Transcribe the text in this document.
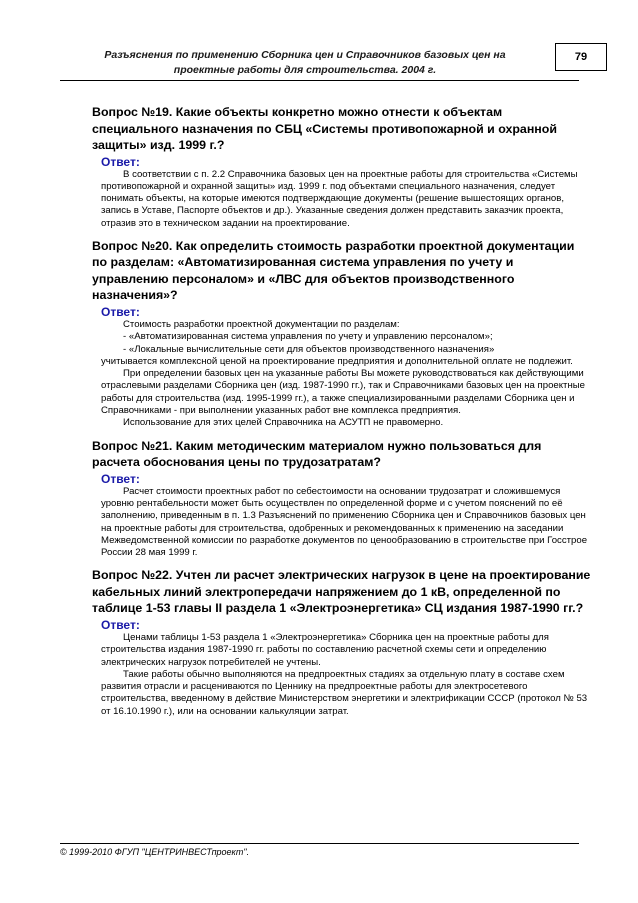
Разъяснения по применению Сборника цен и Справочников базовых цен на
проектные работы для строительства. 2004 г.
79
Вопрос №19. Какие объекты конкретно можно отнести к объектам специального назначения по СБЦ «Системы противопожарной и охранной защиты» изд. 1999 г.?
Ответ:

В соответствии с п. 2.2 Справочника базовых цен на проектные работы для строительства «Системы противопожарной и охранной защиты» изд. 1999 г. под объектами специального назначения, следует понимать объекты, на которые имеются подтверждающие документы (решение вышестоящих органов, запись в Уставе, Паспорте объектов и др.). Указанные сведения должен представить заказчик проекта, отразив это в техническом задании на проектирование.

Вопрос №20. Как определить стоимость разработки проектной документации по разделам: «Автоматизированная система управления по учету и управлению персоналом» и «ЛВС для объектов производственного назначения»?
Ответ:

Стоимость разработки проектной документации по разделам:

- «Автоматизированная система управления по учету и управлению персоналом»;

- «Локальные вычислительные сети для объектов производственного назначения»

учитывается комплексной ценой на проектирование предприятия и дополнительной оплате не подлежит.

При определении базовых цен на указанные работы Вы можете руководствоваться как действующими отраслевыми разделами Сборника цен (изд. 1987-1990 гг.), так и Справочниками базовых цен на проектные работы для строительства (изд. 1995-1999 гг.), а также специализированными разделами Сборника цен и Справочниками - при выполнении указанных работ вне комплекса предприятия.

Использование для этих целей Справочника на АСУТП не правомерно.

Вопрос №21. Каким методическим материалом нужно пользоваться для расчета обоснования цены по трудозатратам?
Ответ:

Расчет стоимости проектных работ по себестоимости на основании трудозатрат и сложившемуся уровню рентабельности может быть осуществлен по определенной форме и с учетом пояснений по её заполнению, приведенным в п. 1.3 Разъяснений по применению Сборника цен и Справочников базовых цен на проектные работы для строительства, одобренных и рекомендованных к применению на заседании Межведомственной комиссии по разработке документов по ценообразованию в строительстве при Госстрое России 28 мая 1999 г.

Вопрос №22. Учтен ли расчет электрических нагрузок в цене на проектирование кабельных линий электропередачи напряжением до 1 кВ, определенной по таблице 1-53 главы II раздела 1 «Электроэнергетика» СЦ издания 1987-1990 гг.?
Ответ:

Ценами таблицы 1-53 раздела 1 «Электроэнергетика» Сборника цен на проектные работы для строительства издания 1987-1990 гг. работы по составлению расчетной схемы сети и определению электрических нагрузок потребителей не учтены.

Такие работы обычно выполняются на предпроектных стадиях за отдельную плату в составе схем развития отрасли и расцениваются по Ценнику на предпроектные работы для электросетевого строительства, введенному в действие Министерством энергетики и электрификации СССР (протокол № 53 от 16.10.1990 г.), или на основании калькуляции затрат.

© 1999-2010 ФГУП "ЦЕНТРИНВЕСТпроект".
